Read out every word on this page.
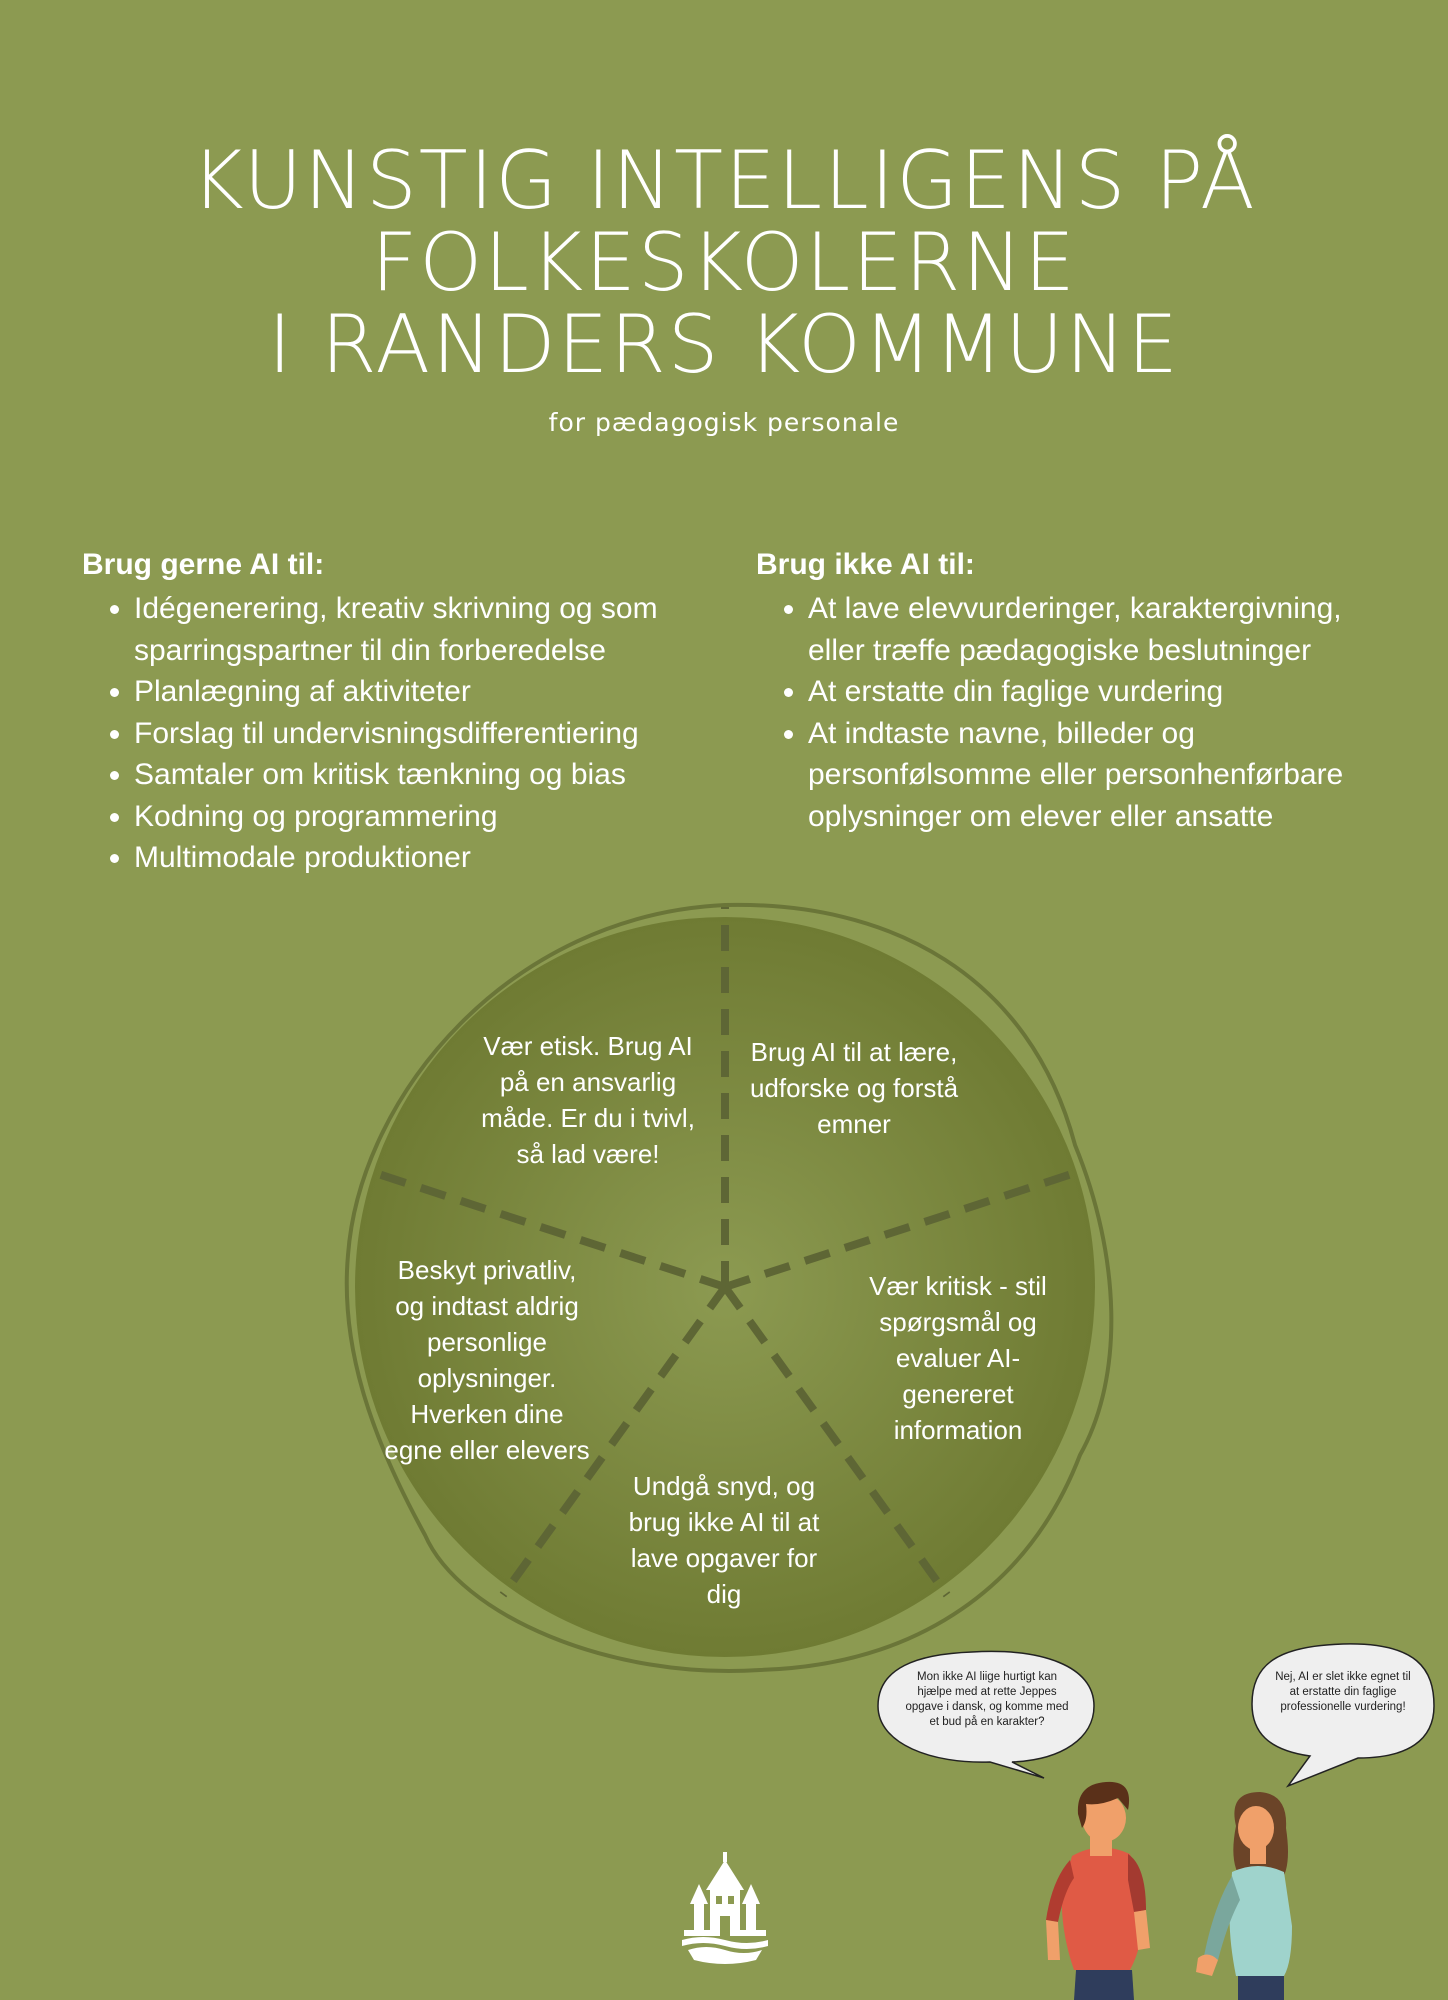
KUNSTIG INTELLIGENS PÅ
FOLKESKOLERNE
I RANDERS KOMMUNE
for pædagogisk personale
Brug gerne AI til:
• Idégenerering, kreativ skrivning og som sparringspartner til din forberedelse
• Planlægning af aktiviteter
• Forslag til undervisningsdifferentiering
• Samtaler om kritisk tænkning og bias
• Kodning og programmering
• Multimodale produktioner
Brug ikke AI til:
• At lave elevvurderinger, karaktergivning, eller træffe pædagogiske beslutninger
• At erstatte din faglige vurdering
• At indtaste navne, billeder og personfølsomme eller personhenførbare oplysninger om elever eller ansatte
Vær etisk. Brug AI på en ansvarlig måde. Er du i tvivl, så lad være!
Brug AI til at lære, udforske og forstå emner
Vær kritisk - stil spørgsmål og evaluer AI-genereret information
Undgå snyd, og brug ikke AI til at lave opgaver for dig
Beskyt privatliv, og indtast aldrig personlige oplysninger. Hverken dine egne eller elevers
Mon ikke AI liige hurtigt kan hjælpe med at rette Jeppes opgave i dansk, og komme med et bud på en karakter?
Nej, AI er slet ikke egnet til at erstatte din faglige professionelle vurdering!
